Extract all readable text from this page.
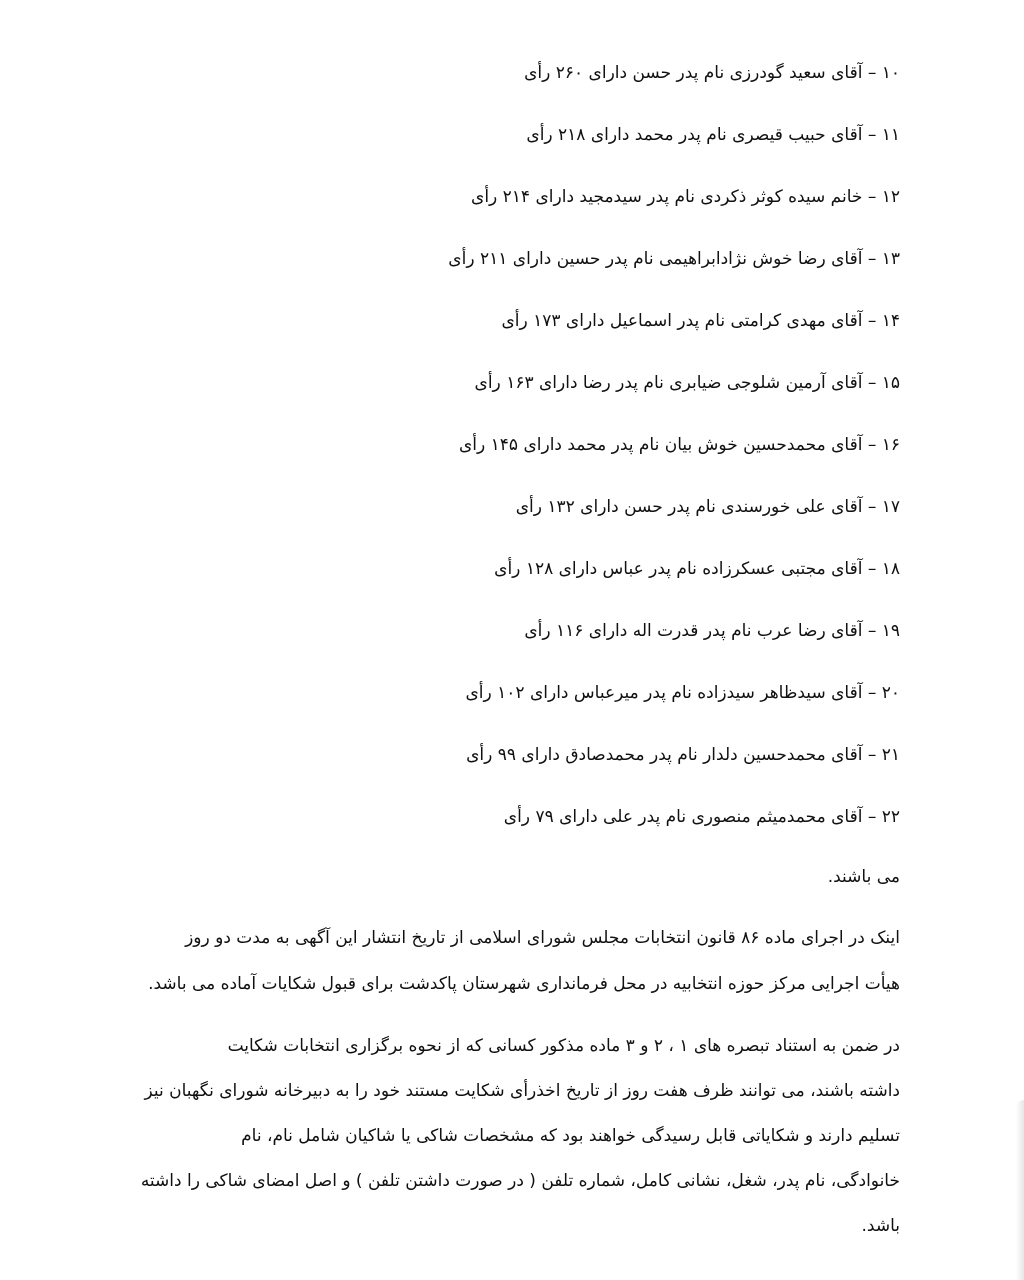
۱۰ – آقای سعید گودرزی نام پدر حسن دارای ۲۶۰ رأی
۱۱ – آقای حبیب قیصری نام پدر محمد دارای ۲۱۸ رأی
۱۲ – خانم سیده کوثر ذکردی نام پدر سیدمجید دارای ۲۱۴ رأی
۱۳ – آقای رضا خوش نژادابراهیمی نام پدر حسین دارای ۲۱۱ رأی
۱۴ – آقای مهدی کرامتی نام پدر اسماعیل دارای ۱۷۳ رأی
۱۵ – آقای آرمین شلوجی ضیابری نام پدر رضا دارای ۱۶۳ رأی
۱۶ – آقای محمدحسین خوش بیان نام پدر محمد دارای ۱۴۵ رأی
۱۷ – آقای علی خورسندی نام پدر حسن دارای ۱۳۲ رأی
۱۸ – آقای مجتبی عسکرزاده نام پدر عباس دارای ۱۲۸ رأی
۱۹ – آقای رضا عرب نام پدر قدرت اله دارای ۱۱۶ رأی
۲۰ – آقای سیدظاهر سیدزاده نام پدر میرعباس دارای ۱۰۲ رأی
۲۱ – آقای محمدحسین دلدار نام پدر محمدصادق دارای ۹۹ رأی
۲۲ – آقای محمدمیثم منصوری نام پدر علی دارای ۷۹ رأی
می باشند.
اینک در اجرای ماده ۸۶ قانون انتخابات مجلس شورای اسلامی از تاریخ انتشار این آگهی به مدت دو روز
هیأت اجرایی مرکز حوزه انتخابیه در محل فرمانداری شهرستان پاکدشت برای قبول شکایات آماده می باشد.
در ضمن به استناد تبصره های ۱ ، ۲ و ۳ ماده مذکور کسانی که از نحوه برگزاری انتخابات شکایت
داشته باشند، می توانند ظرف هفت روز از تاریخ اخذرأی شکایت مستند خود را به دبیرخانه شورای نگهبان نیز
تسلیم دارند و شکایاتی قابل رسیدگی خواهند بود که مشخصات شاکی یا شاکیان شامل نام، نام
خانوادگی، نام پدر، شغل، نشانی کامل، شماره تلفن ( در صورت داشتن تلفن ) و اصل امضای شاکی را داشته
باشد.
